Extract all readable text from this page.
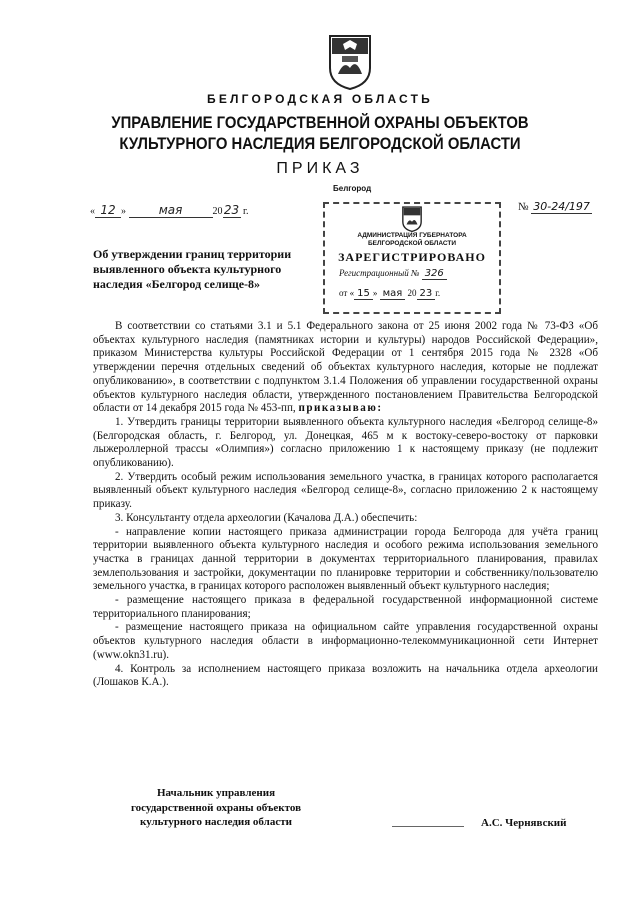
БЕЛГОРОДСКАЯ ОБЛАСТЬ
УПРАВЛЕНИЕ ГОСУДАРСТВЕННОЙ ОХРАНЫ ОБЪЕКТОВ
КУЛЬТУРНОГО НАСЛЕДИЯ БЕЛГОРОДСКОЙ ОБЛАСТИ
ПРИКАЗ
Белгород
« 12 »	мая	2023 г.	№ 30-24/197
АДМИНИСТРАЦИЯ ГУБЕРНАТОРА
БЕЛГОРОДСКОЙ ОБЛАСТИ
ЗАРЕГИСТРИРОВАНО
Регистрационный № 326
от « 15 » мая 20 23 г.
Об утверждении границ территории выявленного объекта культурного наследия «Белгород селище-8»

В соответствии со статьями 3.1 и 5.1 Федерального закона от 25 июня 2002 года № 73-ФЗ «Об объектах культурного наследия (памятниках истории и культуры) народов Российской Федерации», приказом Министерства культуры Российской Федерации от 1 сентября 2015 года № 2328 «Об утверждении перечня отдельных сведений об объектах культурного наследия, которые не подлежат опубликованию», в соответствии с подпунктом 3.1.4 Положения об управлении государственной охраны объектов культурного наследия области, утвержденного постановлением Правительства Белгородской области от 14 декабря 2015 года № 453-пп, приказываю:

1. Утвердить границы территории выявленного объекта культурного наследия «Белгород селище-8» (Белгородская область, г. Белгород, ул. Донецкая, 465 м к востоку-северо-востоку от парковки лыжероллерной трассы «Олимпия») согласно приложению 1 к настоящему приказу (не подлежит опубликованию).

2. Утвердить особый режим использования земельного участка, в границах которого располагается выявленный объект культурного наследия «Белгород селище-8», согласно приложению 2 к настоящему приказу.

3. Консультанту отдела археологии (Качалова Д.А.) обеспечить:

- направление копии настоящего приказа администрации города Белгорода для учёта границ территории выявленного объекта культурного наследия и особого режима использования земельного участка в границах данной территории в документах территориального планирования, правилах землепользования и застройки, документации по планировке территории и собственнику/пользователю земельного участка, в границах которого расположен выявленный объект культурного наследия;

- размещение настоящего приказа в федеральной государственной информационной системе территориального планирования;

- размещение настоящего приказа на официальном сайте управления государственной охраны объектов культурного наследия области в информационно-телекоммуникационной сети Интернет (www.okn31.ru).

4. Контроль за исполнением настоящего приказа возложить на начальника отдела археологии (Лошаков К.А.).

Начальник управления
государственной охраны объектов
культурного наследия области	А.С. Чернявский
